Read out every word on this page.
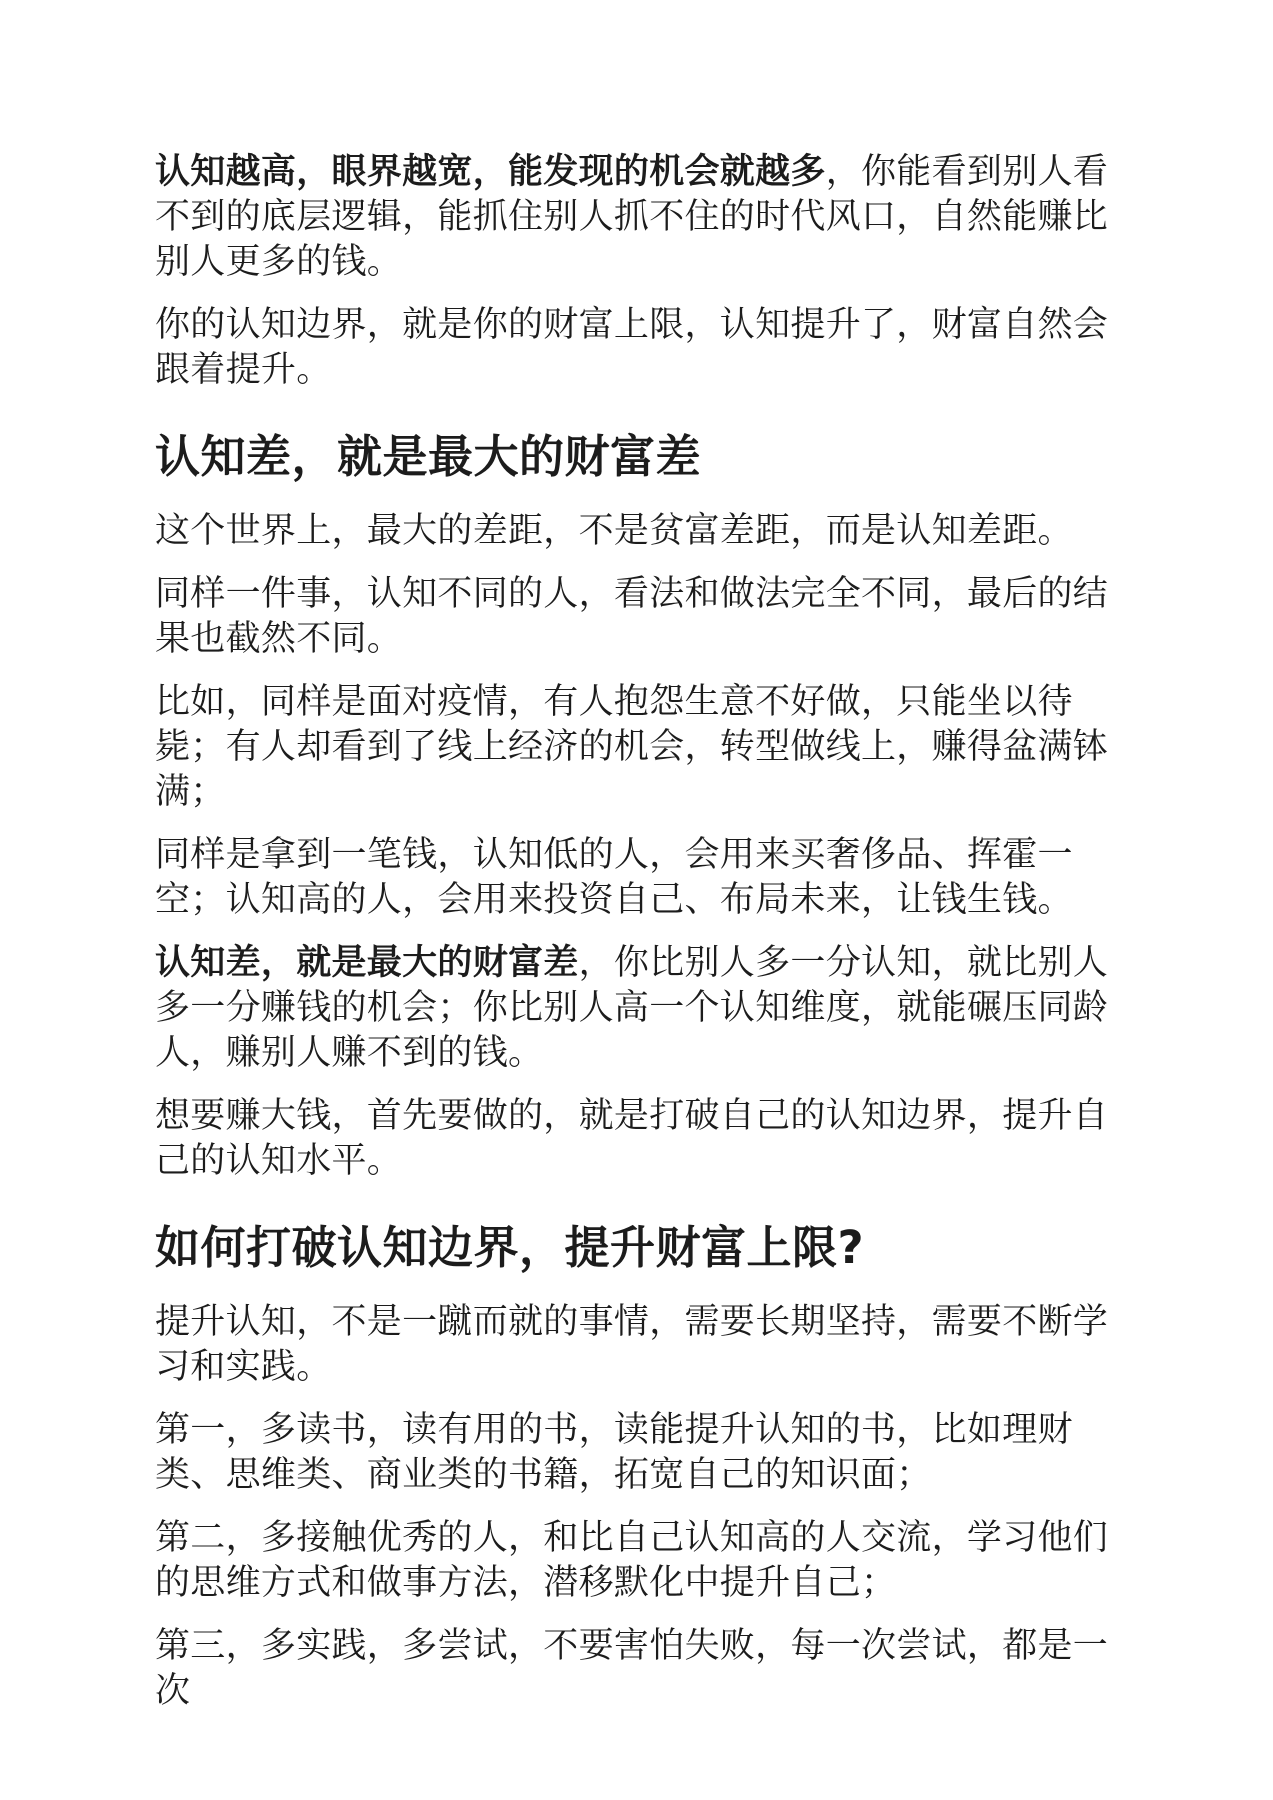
认知越高，眼界越宽，能发现的机会就越多，你能看到别人看不到的底层逻辑，能抓住别人抓不住的时代风口，自然能赚比别人更多的钱。

你的认知边界，就是你的财富上限，认知提升了，财富自然会跟着提升。

认知差，就是最大的财富差

这个世界上，最大的差距，不是贫富差距，而是认知差距。

同样一件事，认知不同的人，看法和做法完全不同，最后的结果也截然不同。

比如，同样是面对疫情，有人抱怨生意不好做，只能坐以待毙；有人却看到了线上经济的机会，转型做线上，赚得盆满钵满；

同样是拿到一笔钱，认知低的人，会用来买奢侈品、挥霍一空；认知高的人，会用来投资自己、布局未来，让钱生钱。

认知差，就是最大的财富差，你比别人多一分认知，就比别人多一分赚钱的机会；你比别人高一个认知维度，就能碾压同龄人，赚别人赚不到的钱。

想要赚大钱，首先要做的，就是打破自己的认知边界，提升自己的认知水平。

如何打破认知边界，提升财富上限?

提升认知，不是一蹴而就的事情，需要长期坚持，需要不断学习和实践。

第一，多读书，读有用的书，读能提升认知的书，比如理财类、思维类、商业类的书籍，拓宽自己的知识面；

第二，多接触优秀的人，和比自己认知高的人交流，学习他们的思维方式和做事方法，潜移默化中提升自己；

第三，多实践，多尝试，不要害怕失败，每一次尝试，都是一次
